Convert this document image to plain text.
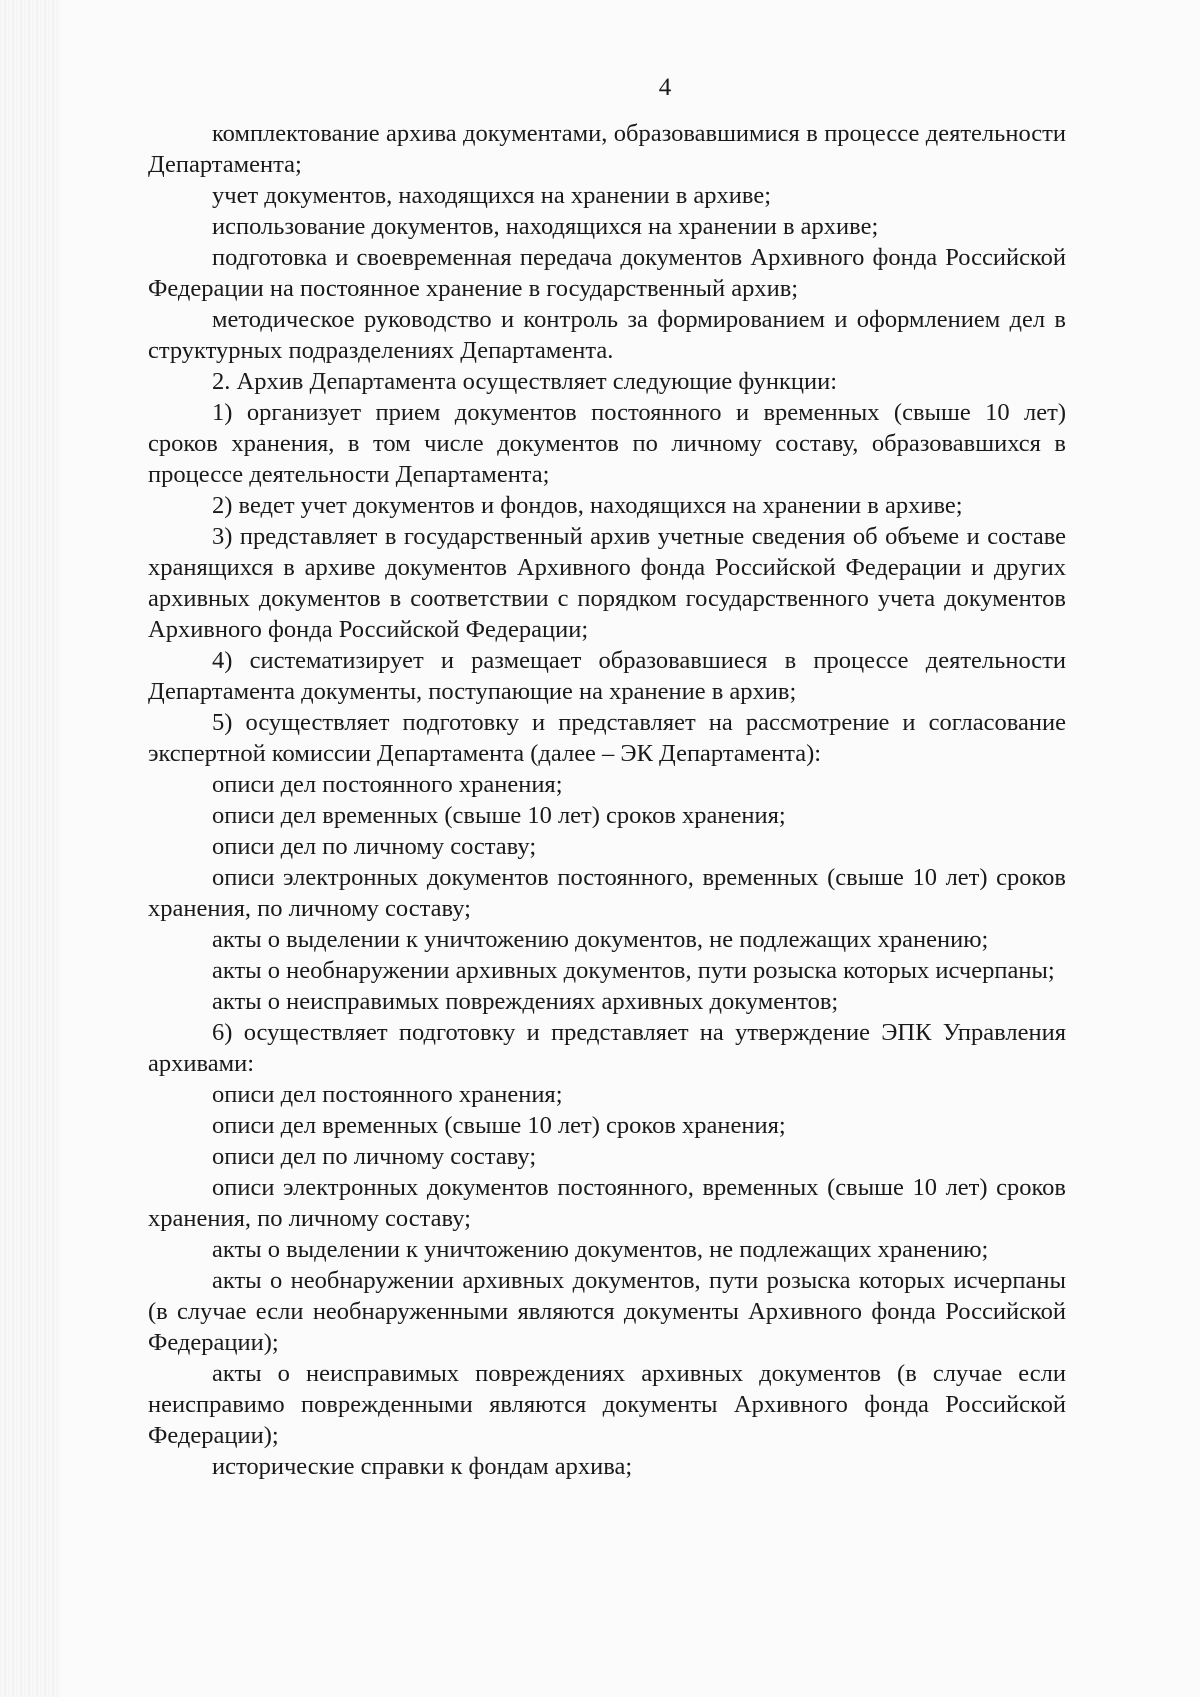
4

комплектование архива документами, образовавшимися в процессе деятельности Департамента;

учет документов, находящихся на хранении в архиве;

использование документов, находящихся на хранении в архиве;

подготовка и своевременная передача документов Архивного фонда Российской Федерации на постоянное хранение в государственный архив;

методическое руководство и контроль за формированием и оформлением дел в структурных подразделениях Департамента.

2. Архив Департамента осуществляет следующие функции:

1) организует прием документов постоянного и временных (свыше 10 лет) сроков хранения, в том числе документов по личному составу, образовавшихся в процессе деятельности Департамента;

2) ведет учет документов и фондов, находящихся на хранении в архиве;

3) представляет в государственный архив учетные сведения об объеме и составе хранящихся в архиве документов Архивного фонда Российской Федерации и других архивных документов в соответствии с порядком государственного учета документов Архивного фонда Российской Федерации;

4) систематизирует и размещает образовавшиеся в процессе деятельности Департамента документы, поступающие на хранение в архив;

5) осуществляет подготовку и представляет на рассмотрение и согласование экспертной комиссии Департамента (далее – ЭК Департамента):

описи дел постоянного хранения;

описи дел временных (свыше 10 лет) сроков хранения;

описи дел по личному составу;

описи электронных документов постоянного, временных (свыше 10 лет) сроков хранения, по личному составу;

акты о выделении к уничтожению документов, не подлежащих хранению;

акты о необнаружении архивных документов, пути розыска которых исчерпаны;

акты о неисправимых повреждениях архивных документов;

6) осуществляет подготовку и представляет на утверждение ЭПК Управления архивами:

описи дел постоянного хранения;

описи дел временных (свыше 10 лет) сроков хранения;

описи дел по личному составу;

описи электронных документов постоянного, временных (свыше 10 лет) сроков хранения, по личному составу;

акты о выделении к уничтожению документов, не подлежащих хранению;

акты о необнаружении архивных документов, пути розыска которых исчерпаны (в случае если необнаруженными являются документы Архивного фонда Российской Федерации);

акты о неисправимых повреждениях архивных документов (в случае если неисправимо поврежденными являются документы Архивного фонда Российской Федерации);

исторические справки к фондам архива;
